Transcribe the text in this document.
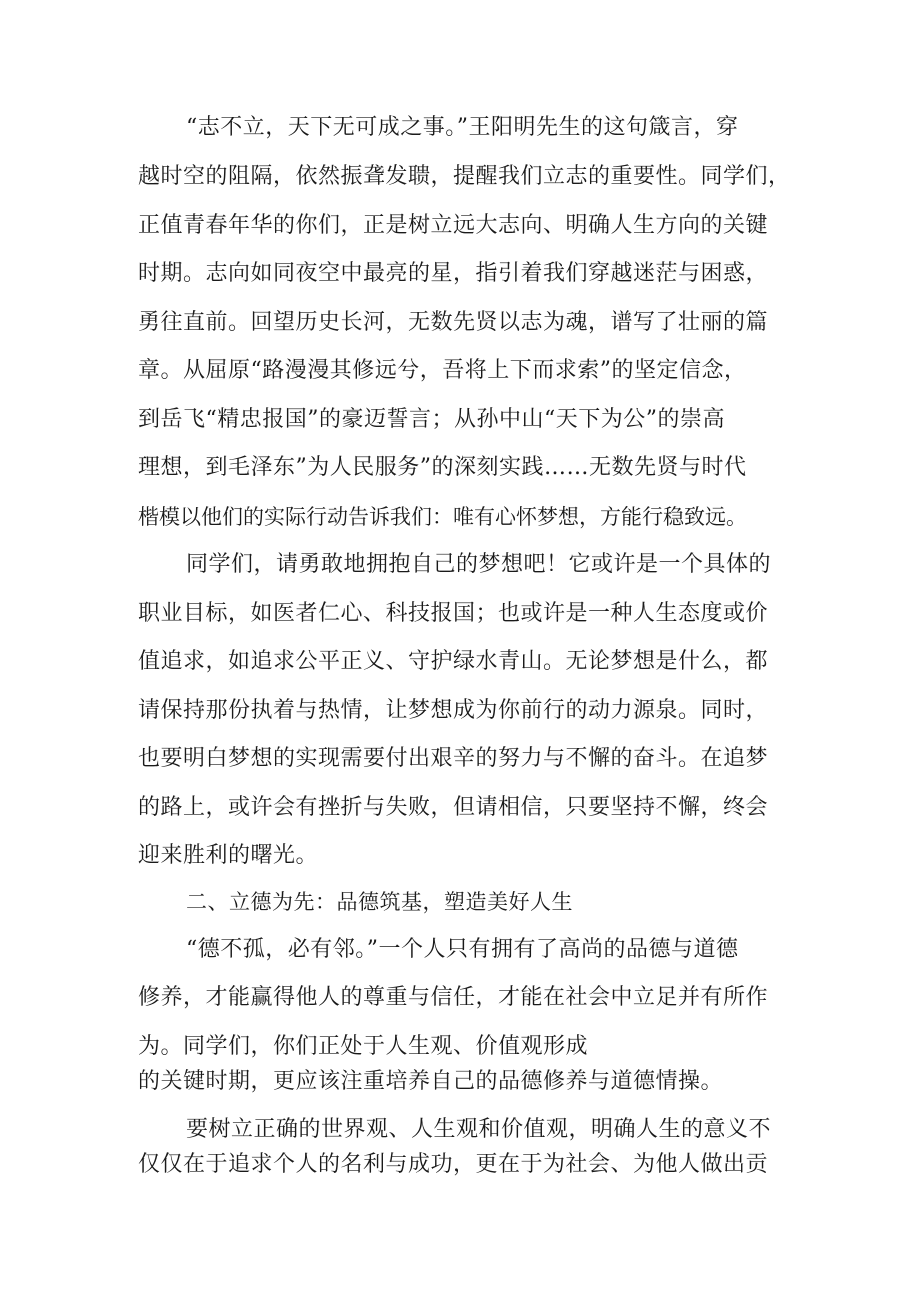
“志不立，天下无可成之事。”王阳明先生的这句箴言，穿
越时空的阻隔，依然振聋发聩，提醒我们立志的重要性。同学们，
正值青春年华的你们，正是树立远大志向、明确人生方向的关键
时期。志向如同夜空中最亮的星，指引着我们穿越迷茫与困惑，
勇往直前。回望历史长河，无数先贤以志为魂，谱写了壮丽的篇
章。从屈原“路漫漫其修远兮，吾将上下而求索”的坚定信念，
到岳飞“精忠报国”的豪迈誓言；从孙中山“天下为公”的崇高
理想，到毛泽东”为人民服务”的深刻实践……无数先贤与时代
楷模以他们的实际行动告诉我们：唯有心怀梦想，方能行稳致远。
同学们，请勇敢地拥抱自己的梦想吧！它或许是一个具体的
职业目标，如医者仁心、科技报国；也或许是一种人生态度或价
值追求，如追求公平正义、守护绿水青山。无论梦想是什么，都
请保持那份执着与热情，让梦想成为你前行的动力源泉。同时，
也要明白梦想的实现需要付出艰辛的努力与不懈的奋斗。在追梦
的路上，或许会有挫折与失败，但请相信，只要坚持不懈，终会
迎来胜利的曙光。
二、立德为先：品德筑基，塑造美好人生
“德不孤，必有邻。”一个人只有拥有了高尚的品德与道德
修养，才能赢得他人的尊重与信任，才能在社会中立足并有所作
为。同学们，你们正处于人生观、价值观形成
的关键时期，更应该注重培养自己的品德修养与道德情操。
要树立正确的世界观、人生观和价值观，明确人生的意义不
仅仅在于追求个人的名利与成功，更在于为社会、为他人做出贡
